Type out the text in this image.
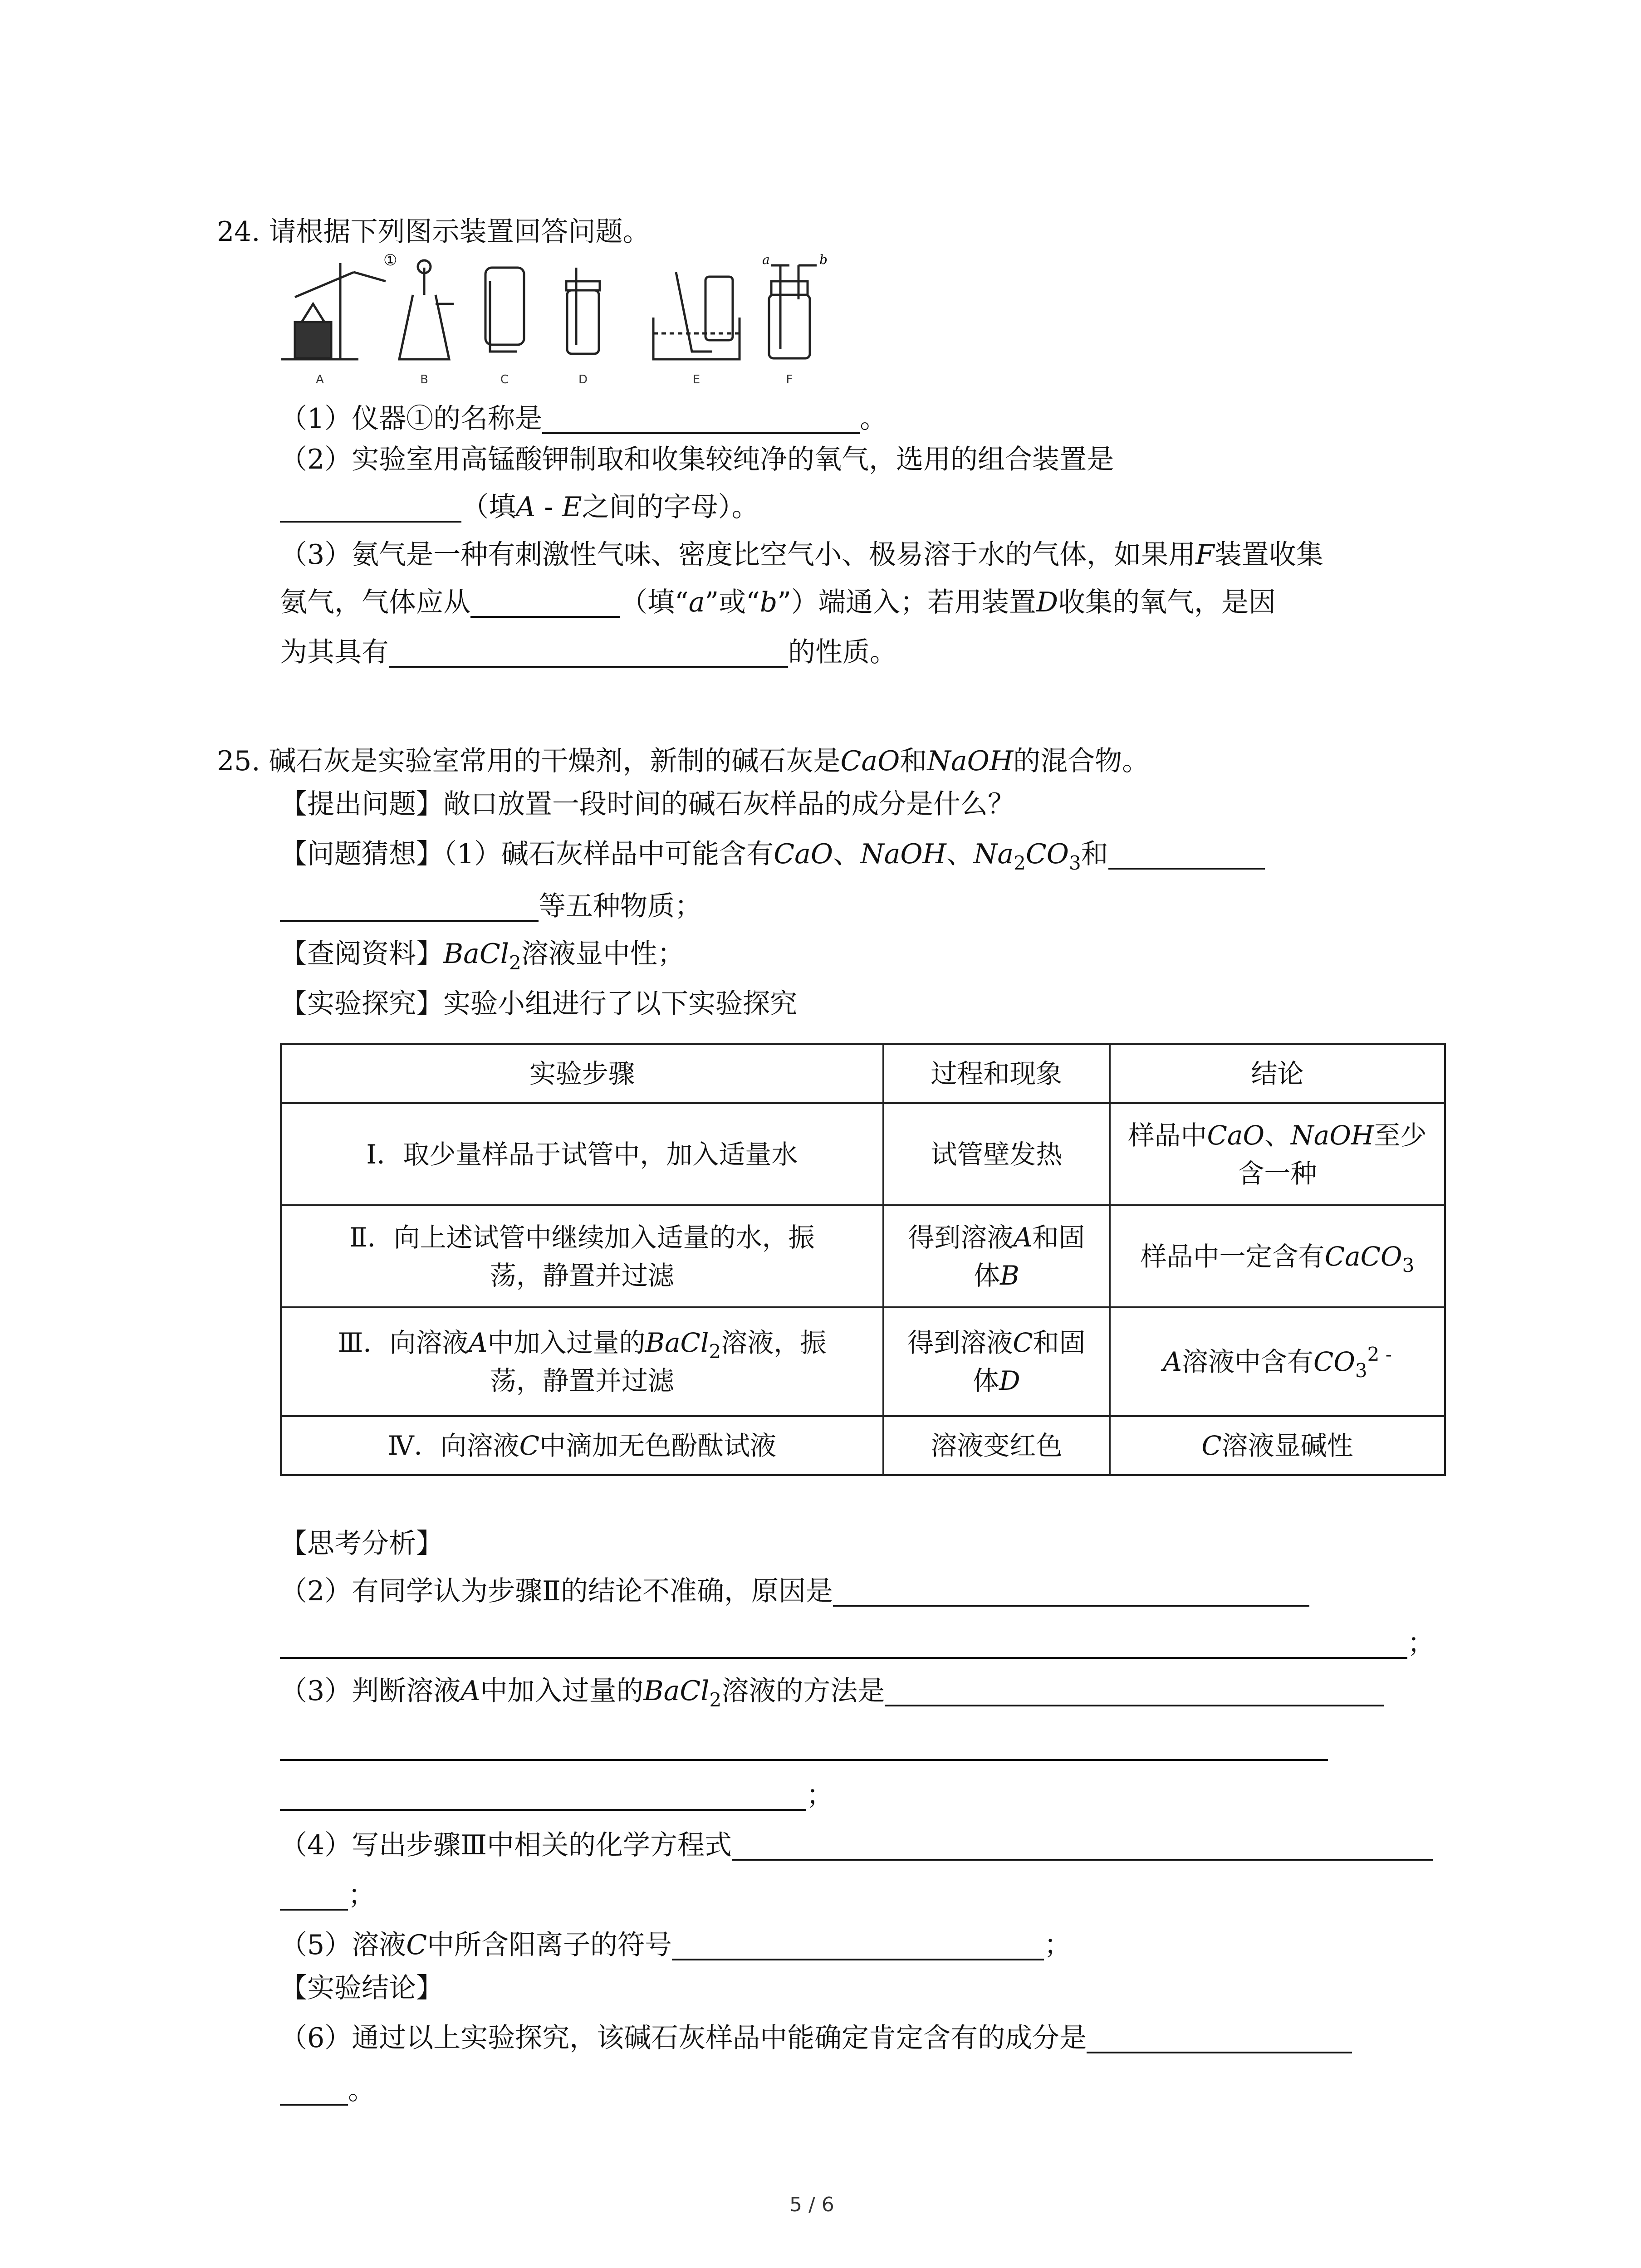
24. 请根据下列图示装置回答问题。
①	a	b
A	B	C	D	E	F
（1）仪器①的名称是	。
（2）实验室用高锰酸钾制取和收集较纯净的氧气，选用的组合装置是
（填A - E之间的字母）。
（3）氨气是一种有刺激性气味、密度比空气小、极易溶于水的气体，如果用F装置收集
氨气，气体应从	（填“a”或“b”）端通入；若用装置D收集的氧气，是因
为其具有	的性质。
25. 碱石灰是实验室常用的干燥剂，新制的碱石灰是CaO和NaOH的混合物。
【提出问题】敞口放置一段时间的碱石灰样品的成分是什么？
【问题猜想】（1）碱石灰样品中可能含有CaO、NaOH、$Na_2CO_3$和
等五种物质；
【查阅资料】BaCl$_2$溶液显中性；
【实验探究】实验小组进行了以下实验探究
实验步骤	过程和现象	结论
Ⅰ．取少量样品于试管中，加入适量水	试管壁发热	样品中CaO、NaOH至少
含一种
Ⅱ．向上述试管中继续加入适量的水，振
荡，静置并过滤	得到溶液A和固
体B	样品中一定含有CaCO$_3$
Ⅲ．向溶液A中加入过量的BaCl$_2$溶液，振
荡，静置并过滤	得到溶液C和固
体D	A溶液中含有$CO_3^{2 -}$
Ⅳ．向溶液C中滴加无色酚酞试液	溶液变红色	C溶液显碱性
【思考分析】
（2）有同学认为步骤Ⅱ的结论不准确，原因是
；
（3）判断溶液A中加入过量的BaCl$_2$溶液的方法是
；
（4）写出步骤Ⅲ中相关的化学方程式
；
（5）溶液C中所含阳离子的符号	；
【实验结论】
（6）通过以上实验探究，该碱石灰样品中能确定肯定含有的成分是
。
5 / 6
